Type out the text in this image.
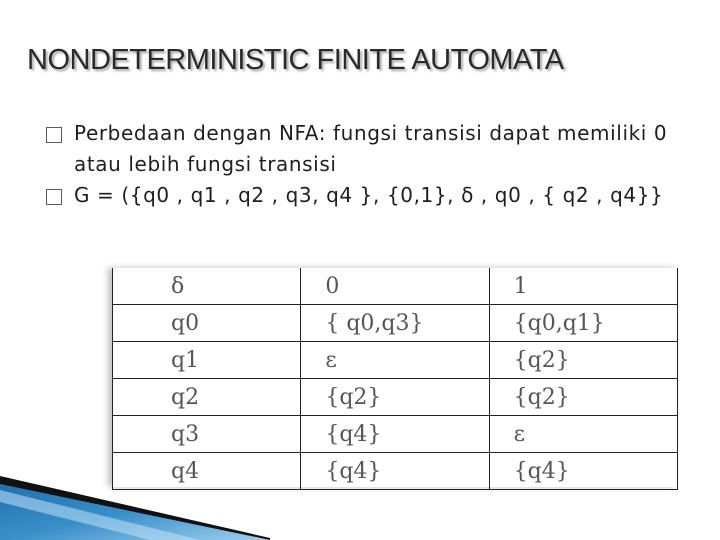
NONDETERMINISTIC FINITE AUTOMATA
Perbedaan dengan NFA: fungsi transisi dapat memiliki 0 atau lebih fungsi transisi
G = ({q0 , q1 , q2 , q3, q4 }, {0,1}, δ , q0 , { q2 , q4}}
δ	0	1
q0	{ q0,q3}	{q0,q1}
q1	ε	{q2}
q2	{q2}	{q2}
q3	{q4}	ε
q4	{q4}	{q4}
